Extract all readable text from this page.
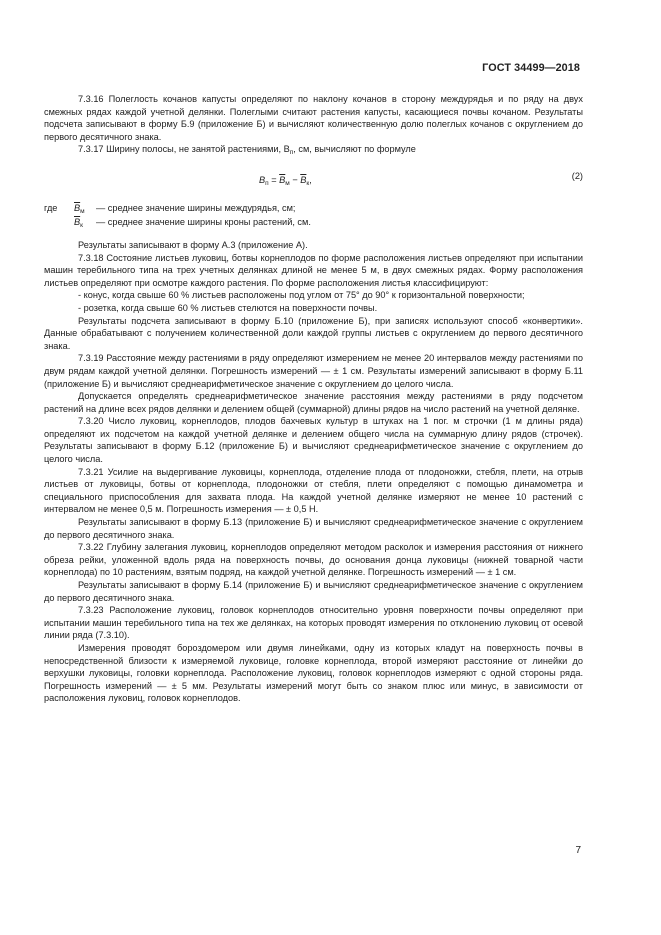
ГОСТ 34499—2018

7.3.16 Полеглость кочанов капусты определяют по наклону кочанов в сторону междурядья и по ряду на двух смежных рядах каждой учетной делянки. Полеглыми считают растения капусты, касающиеся почвы кочаном. Результаты подсчета записывают в форму Б.9 (приложение Б) и вычисляют количественную долю полеглых кочанов с округлением до первого десятичного знака.

7.3.17 Ширину полосы, не занятой растениями, $B_п$, см, вычисляют по формуле

$B_п = \overline{B}_м - \overline{B}_к$,	(2)
где	$\overline{B}_м$	— среднее значение ширины междурядья, см;
$\overline{B}_к$	— среднее значение ширины кроны растений, см.

Результаты записывают в форму А.3 (приложение А).

7.3.18 Состояние листьев луковиц, ботвы корнеплодов по форме расположения листьев определяют при испытании машин теребильного типа на трех учетных делянках длиной не менее 5 м, в двух смежных рядах. Форму расположения листьев определяют при осмотре каждого растения. По форме расположения листья классифицируют:

- конус, когда свыше 60 % листьев расположены под углом от 75° до 90° к горизонтальной поверхности;

- розетка, когда свыше 60 % листьев стелются на поверхности почвы.

Результаты подсчета записывают в форму Б.10 (приложение Б), при записях используют способ «конвертики». Данные обрабатывают с получением количественной доли каждой группы листьев с округлением до первого десятичного знака.

7.3.19 Расстояние между растениями в ряду определяют измерением не менее 20 интервалов между растениями по двум рядам каждой учетной делянки. Погрешность измерений — ± 1 см. Результаты измерений записывают в форму Б.11 (приложение Б) и вычисляют среднеарифметическое значение с округлением до целого числа.

Допускается определять среднеарифметическое значение расстояния между растениями в ряду подсчетом растений на длине всех рядов делянки и делением общей (суммарной) длины рядов на число растений на учетной делянке.

7.3.20 Число луковиц, корнеплодов, плодов бахчевых культур в штуках на 1 пог. м строчки (1 м длины ряда) определяют их подсчетом на каждой учетной делянке и делением общего числа на суммарную длину рядов (строчек). Результаты записывают в форму Б.12 (приложение Б) и вычисляют среднеарифметическое значение с округлением до целого числа.

7.3.21 Усилие на выдергивание луковицы, корнеплода, отделение плода от плодоножки, стебля, плети, на отрыв листьев от луковицы, ботвы от корнеплода, плодоножки от стебля, плети определяют с помощью динамометра и специального приспособления для захвата плода. На каждой учетной делянке измеряют не менее 10 растений с интервалом не менее 0,5 м. Погрешность измерения — ± 0,5 Н.

Результаты записывают в форму Б.13 (приложение Б) и вычисляют среднеарифметическое значение с округлением до первого десятичного знака.

7.3.22 Глубину залегания луковиц, корнеплодов определяют методом расколок и измерения расстояния от нижнего обреза рейки, уложенной вдоль ряда на поверхность почвы, до основания донца луковицы (нижней товарной части корнеплода) по 10 растениям, взятым подряд, на каждой учетной делянке. Погрешность измерений — ± 1 см.

Результаты записывают в форму Б.14 (приложение Б) и вычисляют среднеарифметическое значение с округлением до первого десятичного знака.

7.3.23 Расположение луковиц, головок корнеплодов относительно уровня поверхности почвы определяют при испытании машин теребильного типа на тех же делянках, на которых проводят измерения по отклонению луковиц от осевой линии ряда (7.3.10).

Измерения проводят бороздомером или двумя линейками, одну из которых кладут на поверхность почвы в непосредственной близости к измеряемой луковице, головке корнеплода, второй измеряют расстояние от линейки до верхушки луковицы, головки корнеплода. Расположение луковиц, головок корнеплодов измеряют с одной стороны ряда. Погрешность измерений — ± 5 мм. Результаты измерений могут быть со знаком плюс или минус, в зависимости от расположения луковиц, головок корнеплодов.

7
